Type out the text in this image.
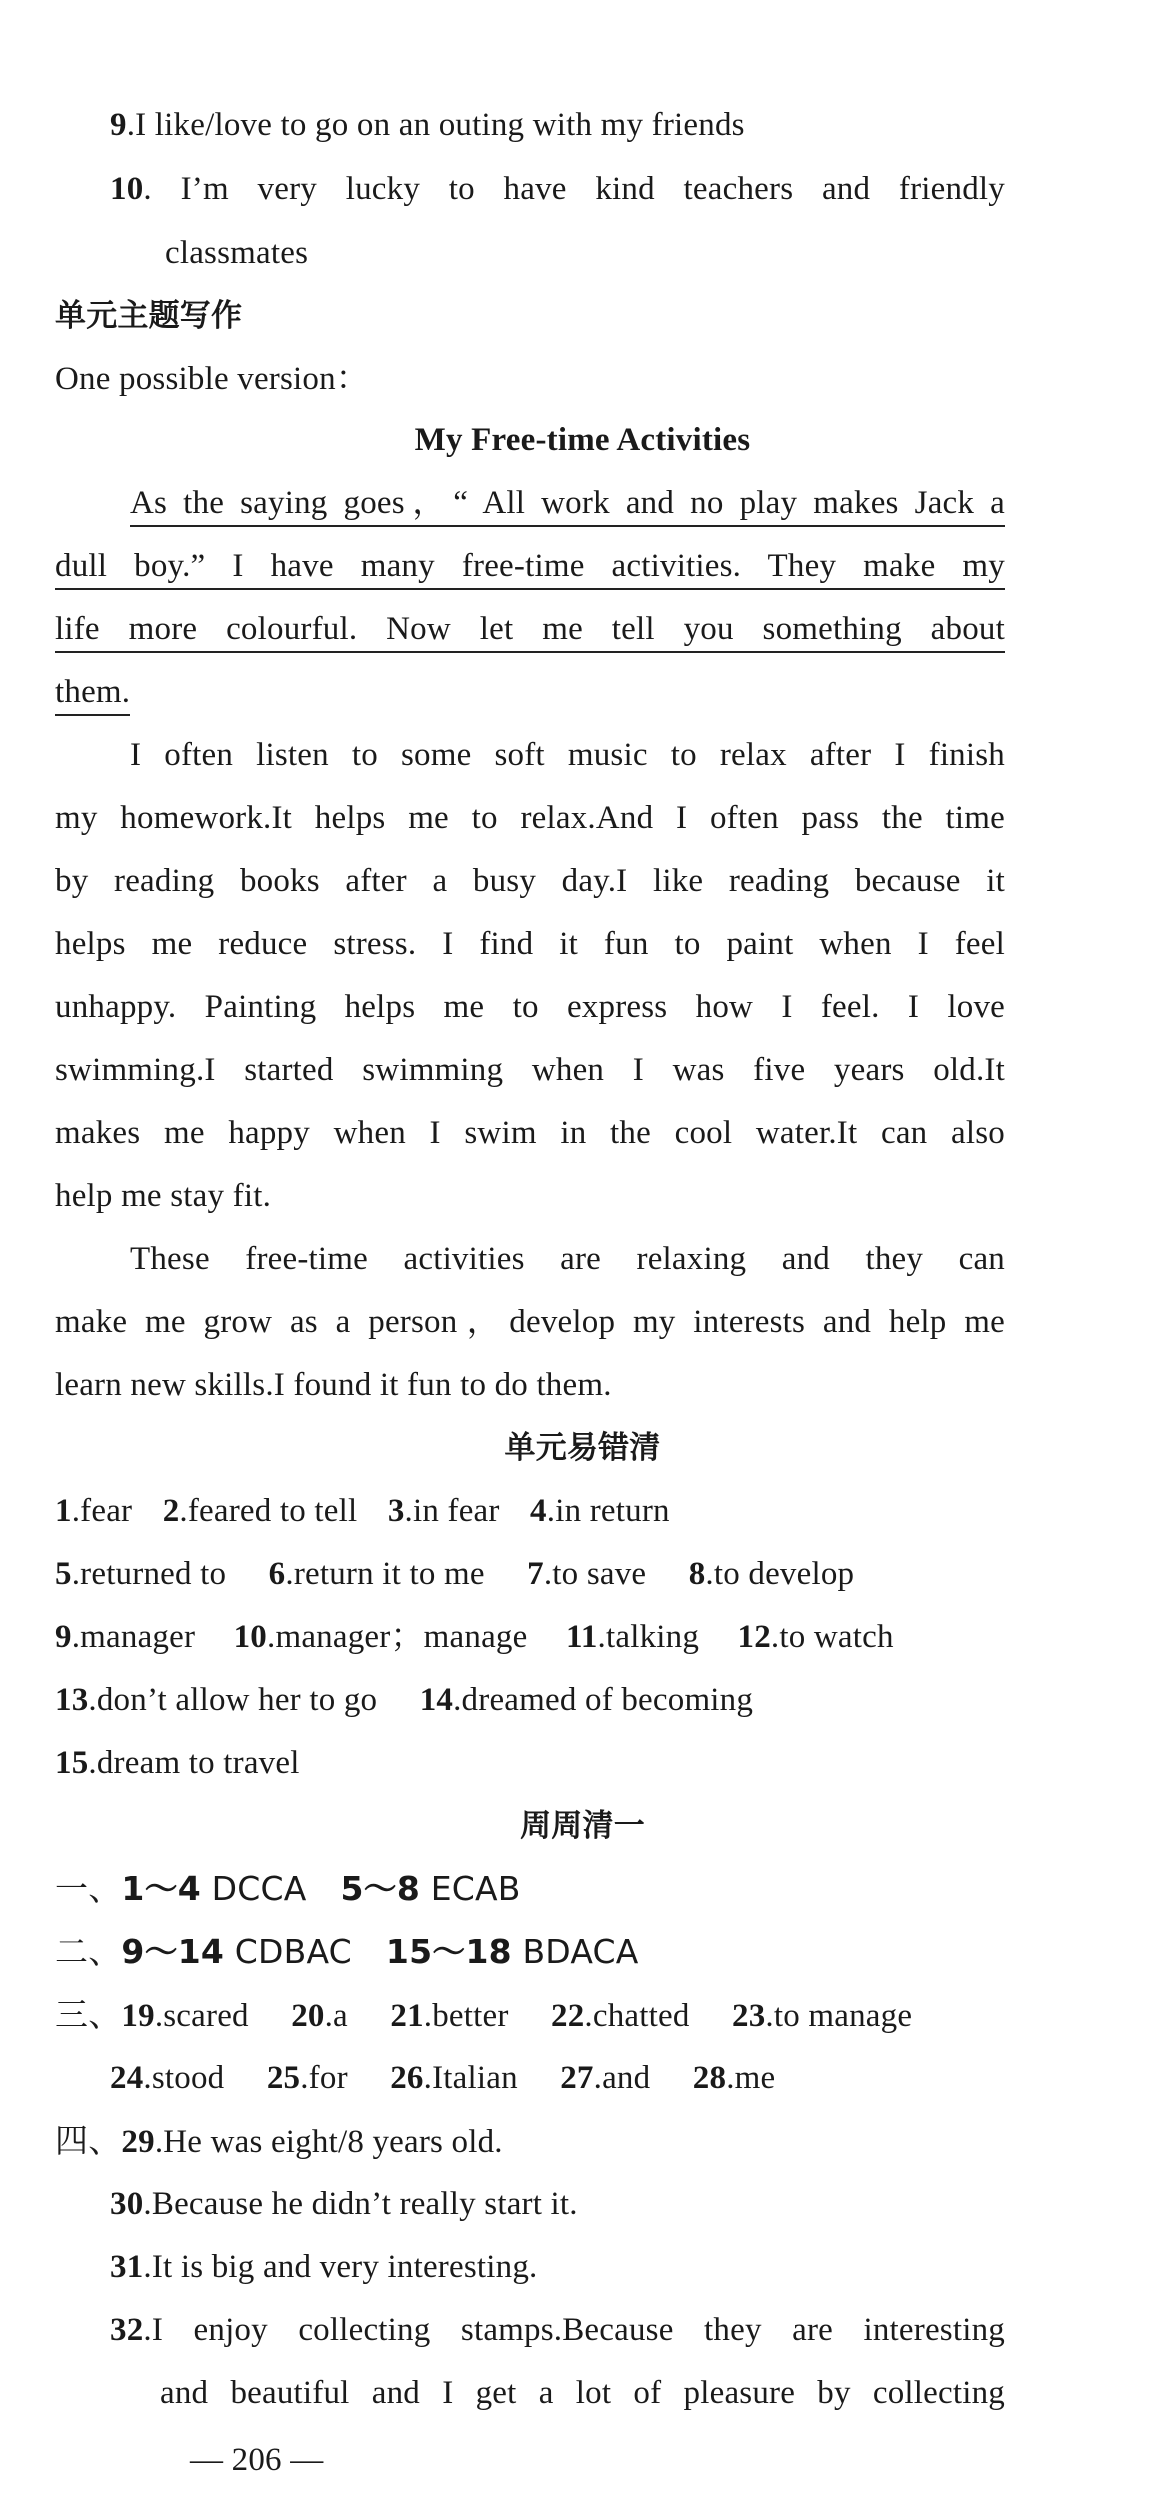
9.I like/love to go on an outing with my friends
10. I’m very lucky to have kind teachers and friendly
classmates
单元主题写作
One possible version：
My Free-time Activities
As the saying goes，“ All work and no play makes Jack a
dull boy.” I have many free-time activities. They make my
life more colourful. Now let me tell you something about
them.
I often listen to some soft music to relax after I finish
my homework.It helps me to relax.And I often pass the time
by reading books after a busy day.I like reading because it
helps me reduce stress. I find it fun to paint when I feel
unhappy. Painting helps me to express how I feel. I love
swimming.I started swimming when I was five years old.It
makes me happy when I swim in the cool water.It can also
help me stay fit.
These free-time activities are relaxing and they can
make me grow as a person，develop my interests and help me
learn new skills.I found it fun to do them.
单元易错清
1.fear 2.feared to tell 3.in fear 4.in return
5.returned to 6.return it to me 7.to save 8.to develop
9.manager 10.manager；manage 11.talking 12.to watch
13.don’t allow her to go 14.dreamed of becoming
15.dream to travel
周周清一
一、1～4 DCCA 5～8 ECAB
二、9～14 CDBAC 15～18 BDACA
三、19.scared 20.a 21.better 22.chatted 23.to manage
24.stood 25.for 26.Italian 27.and 28.me
四、29.He was eight/8 years old.
30.Because he didn’t really start it.
31.It is big and very interesting.
32.I enjoy collecting stamps.Because they are interesting
and beautiful and I get a lot of pleasure by collecting
— 206 —
